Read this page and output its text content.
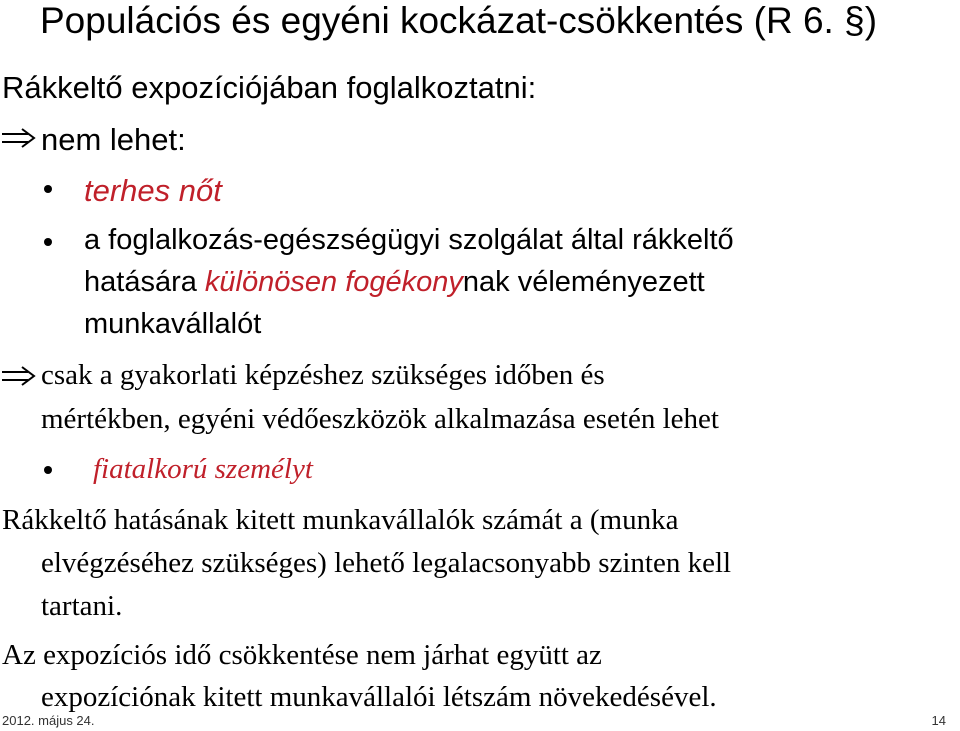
Populációs és egyéni kockázat-csökkentés (R 6. §)
Rákkeltő expozíciójában foglalkoztatni:
nem lehet:
terhes nőt
a foglalkozás-egészségügyi szolgálat által rákkeltő
hatására különösen fogékonynak véleményezett
munkavállalót
csak a gyakorlati képzéshez szükséges időben és
mértékben, egyéni védőeszközök alkalmazása esetén lehet
fiatalkorú személyt
Rákkeltő hatásának kitett munkavállalók számát a (munka
elvégzéséhez szükséges) lehető legalacsonyabb szinten kell
tartani.
Az expozíciós idő csökkentése nem járhat együtt az
expozíciónak kitett munkavállalói létszám növekedésével.
2012. május 24.	14
